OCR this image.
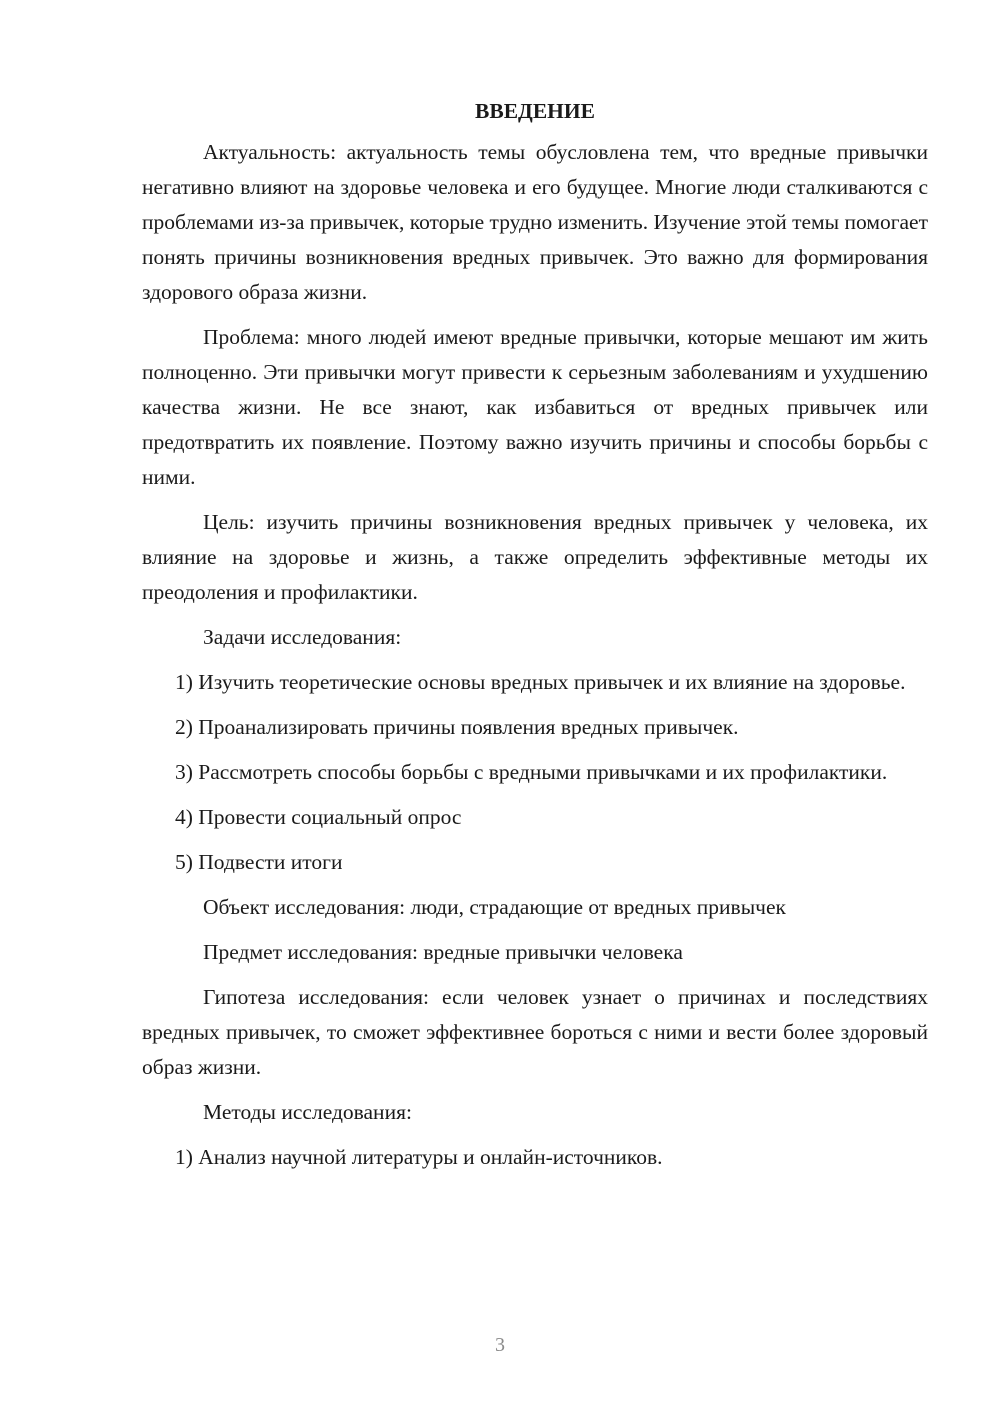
ВВЕДЕНИЕ

Актуальность: актуальность темы обусловлена тем, что вредные привычки негативно влияют на здоровье человека и его будущее. Многие люди сталкиваются с проблемами из-за привычек, которые трудно изменить. Изучение этой темы помогает понять причины возникновения вредных привычек. Это важно для формирования здорового образа жизни.

Проблема: много людей имеют вредные привычки, которые мешают им жить полноценно. Эти привычки могут привести к серьезным заболеваниям и ухудшению качества жизни. Не все знают, как избавиться от вредных привычек или предотвратить их появление. Поэтому важно изучить причины и способы борьбы с ними.

Цель: изучить причины возникновения вредных привычек у человека, их влияние на здоровье и жизнь, а также определить эффективные методы их преодоления и профилактики.

Задачи исследования:

1) Изучить теоретические основы вредных привычек и их влияние на здоровье.

2) Проанализировать причины появления вредных привычек.

3) Рассмотреть способы борьбы с вредными привычками и их профилактики.

4) Провести социальный опрос

5) Подвести итоги

Объект исследования: люди, страдающие от вредных привычек

Предмет исследования: вредные привычки человека

Гипотеза исследования: если человек узнает о причинах и последствиях вредных привычек, то сможет эффективнее бороться с ними и вести более здоровый образ жизни.

Методы исследования:

1) Анализ научной литературы и онлайн-источников.

3
